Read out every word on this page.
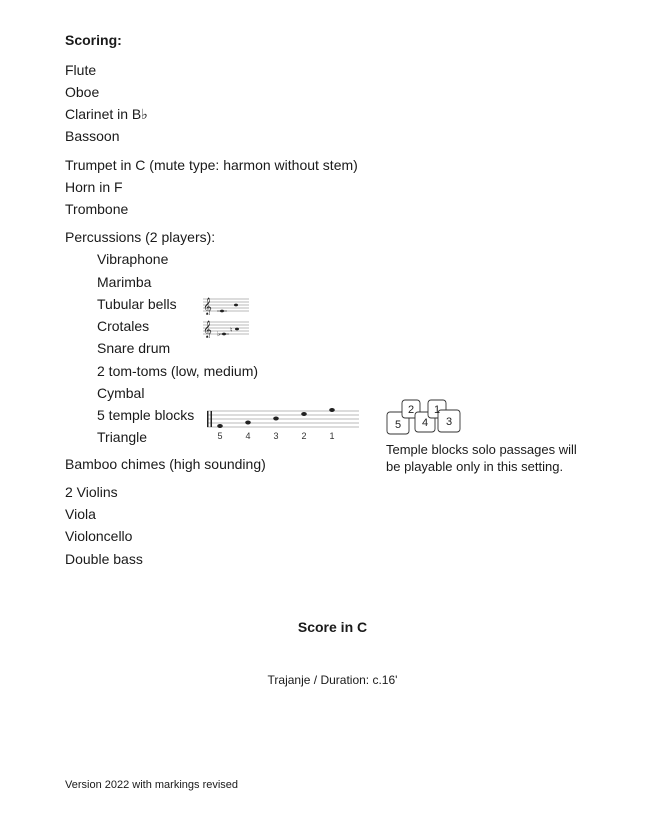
Scoring:
Flute
Oboe
Clarinet in B♭
Bassoon
Trumpet in C (mute type: harmon without stem)
Horn in F
Trombone
Percussions (2 players):
Vibraphone
Marimba
Tubular bells
Crotales
Snare drum
2 tom-toms (low, medium)
Cymbal
5 temple blocks
Triangle
𝄞
𝄞 ♭
♮
5	4	3	2	1
5
2
4
1
3
Temple blocks solo passages will be playable only in this setting.
Bamboo chimes (high sounding)
2 Violins
Viola
Violoncello
Double bass
Score in C
Trajanje / Duration: c.16'
Version 2022 with markings revised
